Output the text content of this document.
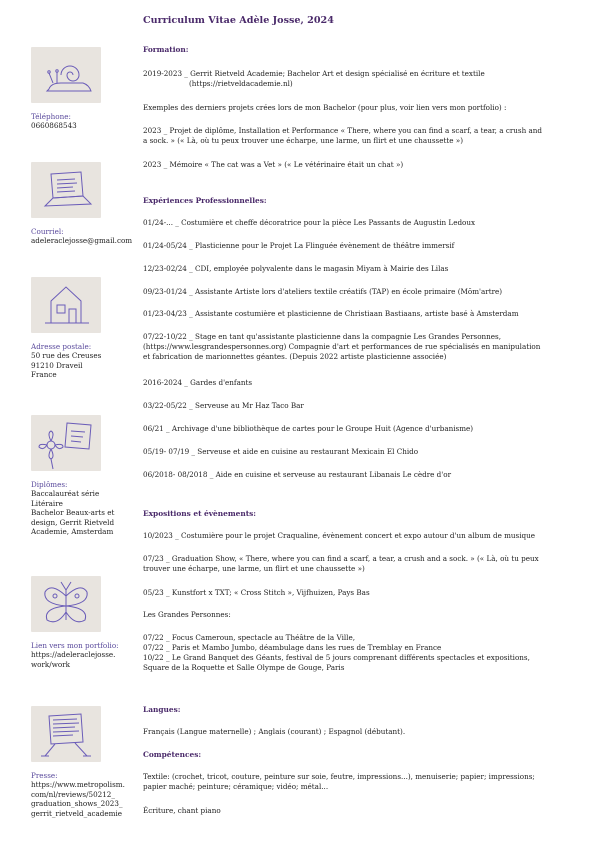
Curriculum Vitae Adèle Josse, 2024
Téléphone:
0660868543
Courriel:
adeleraclejosse@gmail.com
Adresse postale:
50 rue des Creuses
91210 Draveil
France
Diplômes:
Baccalauréat série
Litéraire
Bachelor Beaux-arts et
design, Gerrit Rietveld
Academie, Amsterdam
Lien vers mon portfolio:
https://adeleraclejosse.
work/work
Presse:
https://www.metropolism.
com/nl/reviews/50212_
graduation_shows_2023_
gerrit_rietveld_academie
Formation:
2019-2023 _ Gerrit Rietveld Academie; Bachelor Art et design spécialisé en écriture et textile
(https://rietveldacademie.nl)
Exemples des derniers projets crées lors de mon Bachelor (pour plus, voir lien vers mon portfolio) :
2023 _ Projet de diplôme, Installation et Performance « There, where you can find a scarf, a tear, a crush and a sock. » (« Là, où tu peux trouver une écharpe, une larme, un flirt et une chaussette »)
2023 _ Mémoire « The cat was a Vet » (« Le vétérinaire était un chat »)
Expériences Professionnelles:
01/24-... _ Costumière et cheffe décoratrice pour la pièce Les Passants de Augustin Ledoux
01/24-05/24 _ Plasticienne pour le Projet La Flinguée évènement de théâtre immersif
12/23-02/24 _ CDI, employée polyvalente dans le magasin Miyam à Mairie des Lilas
09/23-01/24 _ Assistante Artiste lors d'ateliers textile créatifs (TAP) en école primaire (Mōm'artre)
01/23-04/23 _ Assistante costumière et plasticienne de Christiaan Bastiaans, artiste basé à Amsterdam
07/22-10/22 _ Stage en tant qu'assistante plasticienne dans la compagnie Les Grandes Personnes, (https://www.lesgrandespersonnes.org) Compagnie d'art et performances de rue spécialisés en manipulation et fabrication de marionnettes géantes. (Depuis 2022 artiste plasticienne associée)
2016-2024 _ Gardes d'enfants
03/22-05/22 _ Serveuse au Mr Haz Taco Bar
06/21 _ Archivage d'une bibliothèque de cartes pour le Groupe Huit (Agence d'urbanisme)
05/19- 07/19 _ Serveuse et aide en cuisine au restaurant Mexicain El Chido
06/2018- 08/2018 _ Aide en cuisine et serveuse au restaurant Libanais Le cèdre d'or
Expositions et évènements:
10/2023 _ Costumière pour le projet Craqualine, évènement concert et expo autour d'un album de musique
07/23 _ Graduation Show, « There, where you can find a scarf, a tear, a crush and a sock. » (« Là, où tu peux trouver une écharpe, une larme, un flirt et une chaussette »)
05/23 _ Kunstfort x TXT; « Cross Stitch », Vijfhuizen, Pays Bas
Les Grandes Personnes:
07/22 _ Focus Cameroun, spectacle au Théâtre de la Ville,
07/22 _ Paris et Mambo Jumbo, déambulage dans les rues de Tremblay en France
10/22 _ Le Grand Banquet des Géants, festival de 5 jours comprenant différents spectacles et expositions, Square de la Roquette et Salle Olympe de Gouge, Paris
Langues:
Français (Langue maternelle) ; Anglais (courant) ; Espagnol (débutant).
Compétences:
Textile: (crochet, tricot, couture, peinture sur soie, feutre, impressions...), menuiserie; papier; impressions; papier maché; peinture; céramique; vidéo; métal...
Écriture, chant piano
